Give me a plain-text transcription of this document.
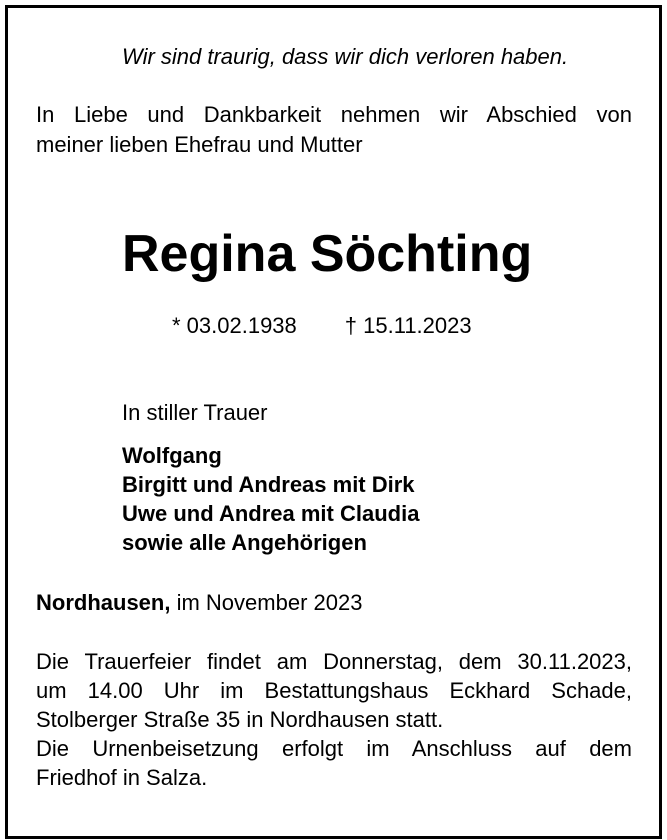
Wir sind traurig, dass wir dich verloren haben.

In Liebe und Dankbarkeit nehmen wir Abschied von

meiner lieben Ehefrau und Mutter

Regina Söchting

* 03.02.1938 † 15.11.2023

In stiller Trauer

Wolfgang
Birgitt und Andreas mit Dirk
Uwe und Andrea mit Claudia
sowie alle Angehörigen

Nordhausen, im November 2023

Die Trauerfeier findet am Donnerstag, dem 30.11.2023,

um 14.00 Uhr im Bestattungshaus Eckhard Schade,

Stolberger Straße 35 in Nordhausen statt.

Die Urnenbeisetzung erfolgt im Anschluss auf dem

Friedhof in Salza.
